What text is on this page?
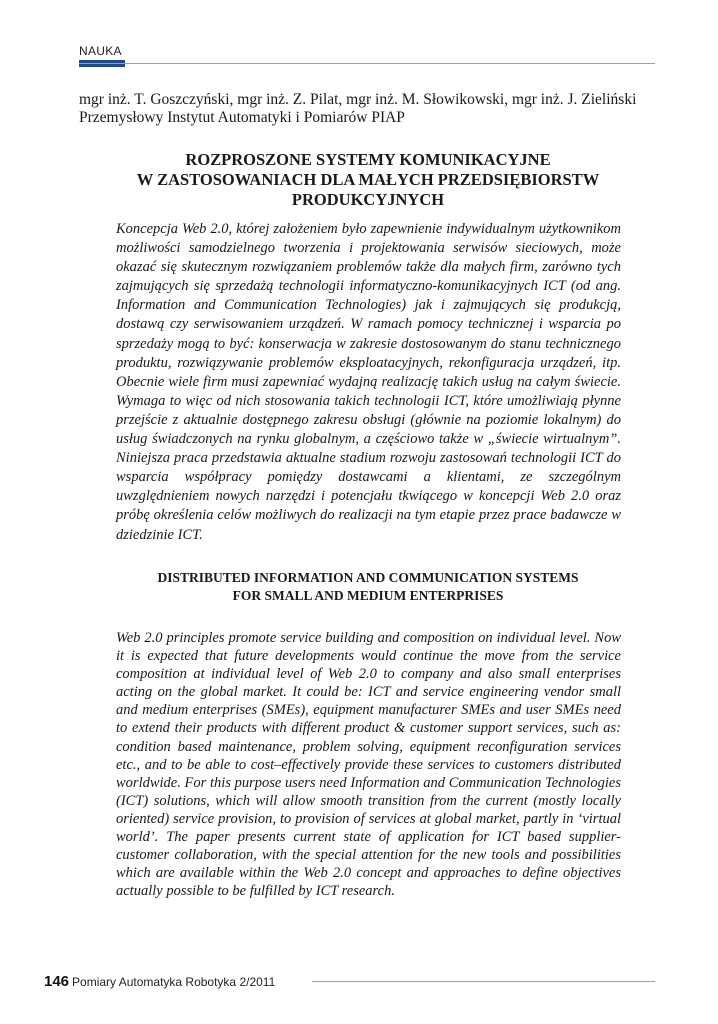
NAUKA
mgr inż. T. Goszczyński, mgr inż. Z. Pilat, mgr inż. M. Słowikowski, mgr inż. J. Zieliński
Przemysłowy Instytut Automatyki i Pomiarów PIAP
ROZPROSZONE SYSTEMY KOMUNIKACYJNE
W ZASTOSOWANIACH DLA MAŁYCH PRZEDSIĘBIORSTW
PRODUKCYJNYCH
Koncepcja Web 2.0, której założeniem było zapewnienie indywidualnym użytkownikom możliwości samodzielnego tworzenia i projektowania serwisów sieciowych, może okazać się skutecznym rozwiązaniem problemów także dla małych firm, zarówno tych zajmujących się sprzedażą technologii informatyczno-komunikacyjnych ICT (od ang. Information and Communication Technologies) jak i zajmujących się produkcją, dostawą czy serwisowaniem urządzeń. W ramach pomocy technicznej i wsparcia po sprzedaży mogą to być: konserwacja w zakresie dostosowanym do stanu technicznego produktu, rozwiązywanie problemów eksploatacyjnych, rekonfiguracja urządzeń, itp. Obecnie wiele firm musi zapewniać wydajną realizację takich usług na całym świecie. Wymaga to więc od nich stosowania takich technologii ICT, które umożliwiają płynne przejście z aktualnie dostępnego zakresu obsługi (głównie na poziomie lokalnym) do usług świadczonych na rynku globalnym, a częściowo także w „świecie wirtualnym”. Niniejsza praca przedstawia aktualne stadium rozwoju zastosowań technologii ICT do wsparcia współpracy pomiędzy dostawcami a klientami, ze szczególnym uwzględnieniem nowych narzędzi i potencjału tkwiącego w koncepcji Web 2.0 oraz próbę określenia celów możliwych do realizacji na tym etapie przez prace badawcze w dziedzinie ICT.
DISTRIBUTED INFORMATION AND COMMUNICATION SYSTEMS
FOR SMALL AND MEDIUM ENTERPRISES
Web 2.0 principles promote service building and composition on individual level. Now it is expected that future developments would continue the move from the service composition at individual level of Web 2.0 to company and also small enterprises acting on the global market. It could be: ICT and service engineering vendor small and medium enterprises (SMEs), equipment manufacturer SMEs and user SMEs need to extend their products with different product & customer support services, such as: condition based maintenance, problem solving, equipment reconfiguration services etc., and to be able to cost–effectively provide these services to customers distributed worldwide. For this purpose users need Information and Communication Technologies (ICT) solutions, which will allow smooth transition from the current (mostly locally oriented) service provision, to provision of services at global market, partly in ‘virtual world’. The paper presents current state of application for ICT based supplier-customer collaboration, with the special attention for the new tools and possibilities which are available within the Web 2.0 concept and approaches to define objectives actually possible to be fulfilled by ICT research.
146 Pomiary Automatyka Robotyka 2/2011
